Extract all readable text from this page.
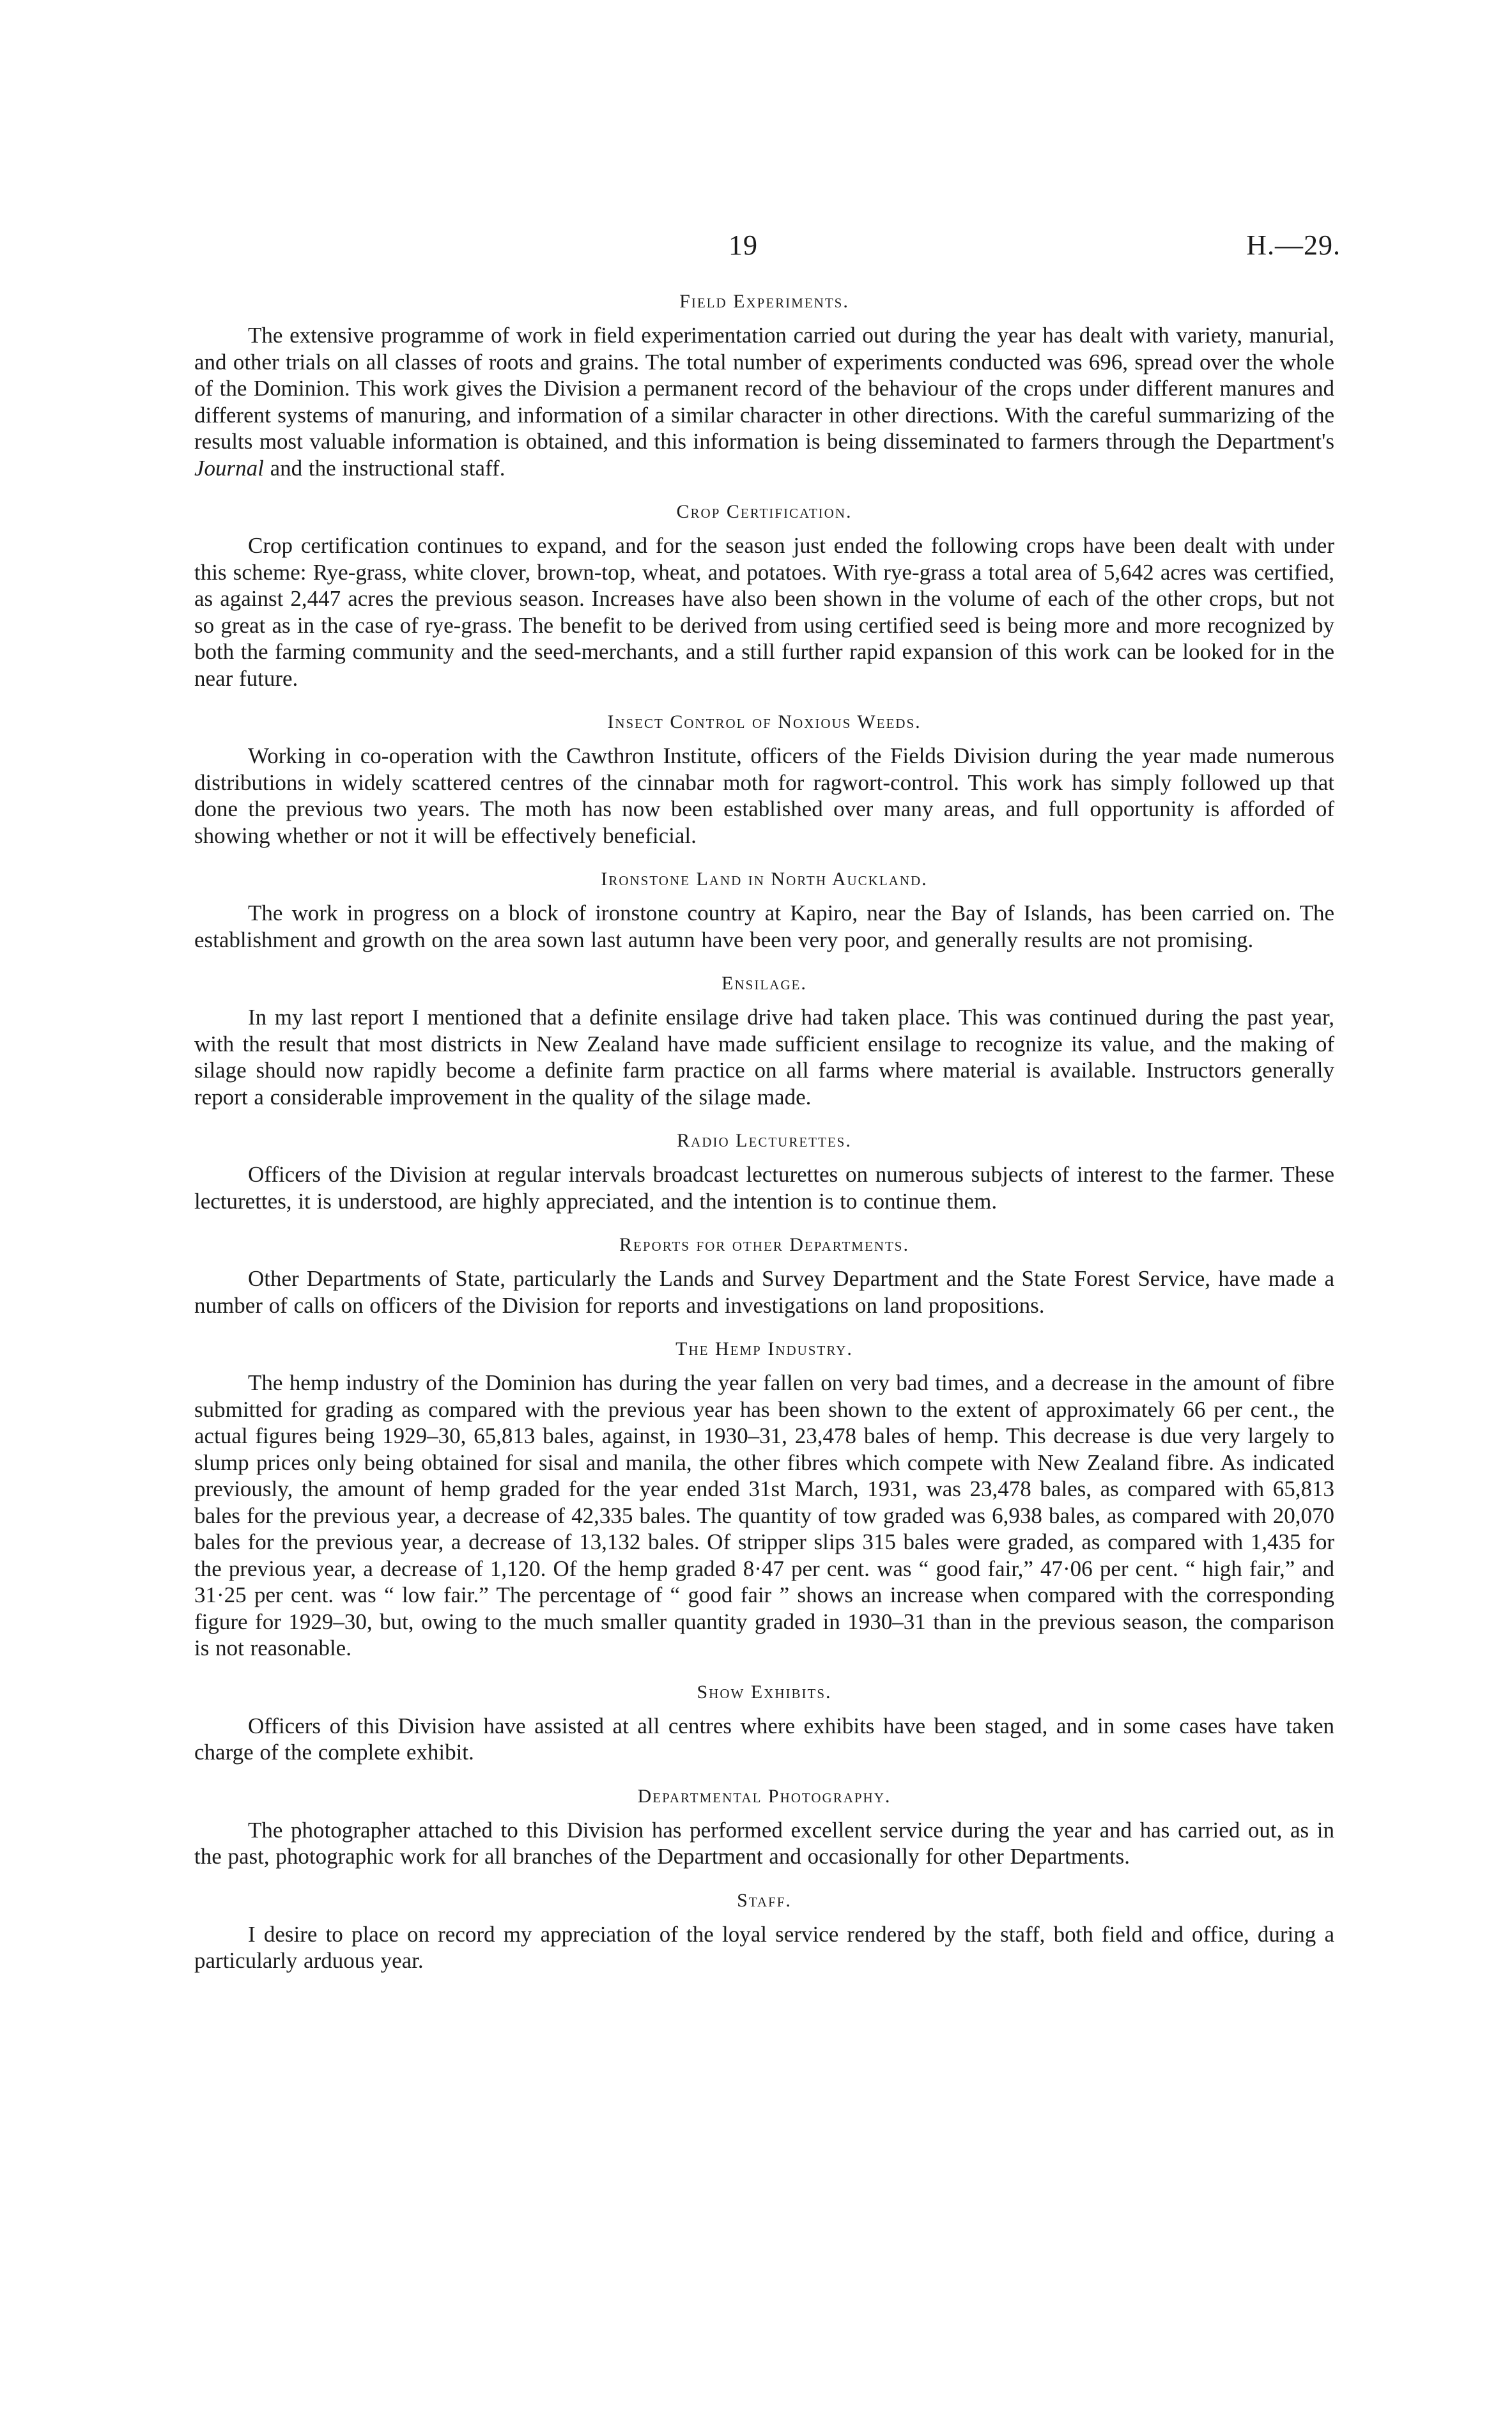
19	H.—29.
Field Experiments.

The extensive programme of work in field experimentation carried out during the year has dealt with variety, manurial, and other trials on all classes of roots and grains. The total number of experiments conducted was 696, spread over the whole of the Dominion. This work gives the Division a permanent record of the behaviour of the crops under different manures and different systems of manuring, and information of a similar character in other directions. With the careful summarizing of the results most valuable information is obtained, and this information is being disseminated to farmers through the Department's Journal and the instructional staff.

Crop Certification.

Crop certification continues to expand, and for the season just ended the following crops have been dealt with under this scheme: Rye-grass, white clover, brown-top, wheat, and potatoes. With rye-grass a total area of 5,642 acres was certified, as against 2,447 acres the previous season. Increases have also been shown in the volume of each of the other crops, but not so great as in the case of rye-grass. The benefit to be derived from using certified seed is being more and more recognized by both the farming community and the seed-merchants, and a still further rapid expansion of this work can be looked for in the near future.

Insect Control of Noxious Weeds.

Working in co-operation with the Cawthron Institute, officers of the Fields Division during the year made numerous distributions in widely scattered centres of the cinnabar moth for ragwort-control. This work has simply followed up that done the previous two years. The moth has now been established over many areas, and full opportunity is afforded of showing whether or not it will be effectively beneficial.

Ironstone Land in North Auckland.

The work in progress on a block of ironstone country at Kapiro, near the Bay of Islands, has been carried on. The establishment and growth on the area sown last autumn have been very poor, and generally results are not promising.

Ensilage.

In my last report I mentioned that a definite ensilage drive had taken place. This was continued during the past year, with the result that most districts in New Zealand have made sufficient ensilage to recognize its value, and the making of silage should now rapidly become a definite farm practice on all farms where material is available. Instructors generally report a considerable improvement in the quality of the silage made.

Radio Lecturettes.

Officers of the Division at regular intervals broadcast lecturettes on numerous subjects of interest to the farmer. These lecturettes, it is understood, are highly appreciated, and the intention is to continue them.

Reports for other Departments.

Other Departments of State, particularly the Lands and Survey Department and the State Forest Service, have made a number of calls on officers of the Division for reports and investigations on land propositions.

The Hemp Industry.

The hemp industry of the Dominion has during the year fallen on very bad times, and a decrease in the amount of fibre submitted for grading as compared with the previous year has been shown to the extent of approximately 66 per cent., the actual figures being 1929–30, 65,813 bales, against, in 1930–31, 23,478 bales of hemp. This decrease is due very largely to slump prices only being obtained for sisal and manila, the other fibres which compete with New Zealand fibre. As indicated previously, the amount of hemp graded for the year ended 31st March, 1931, was 23,478 bales, as compared with 65,813 bales for the previous year, a decrease of 42,335 bales. The quantity of tow graded was 6,938 bales, as compared with 20,070 bales for the previous year, a decrease of 13,132 bales. Of stripper slips 315 bales were graded, as compared with 1,435 for the previous year, a decrease of 1,120. Of the hemp graded 8·47 per cent. was “ good fair,” 47·06 per cent. “ high fair,” and 31·25 per cent. was “ low fair.” The percentage of “ good fair ” shows an increase when compared with the corresponding figure for 1929–30, but, owing to the much smaller quantity graded in 1930–31 than in the previous season, the comparison is not reasonable.

Show Exhibits.

Officers of this Division have assisted at all centres where exhibits have been staged, and in some cases have taken charge of the complete exhibit.

Departmental Photography.

The photographer attached to this Division has performed excellent service during the year and has carried out, as in the past, photographic work for all branches of the Department and occasionally for other Departments.

Staff.

I desire to place on record my appreciation of the loyal service rendered by the staff, both field and office, during a particularly arduous year.
